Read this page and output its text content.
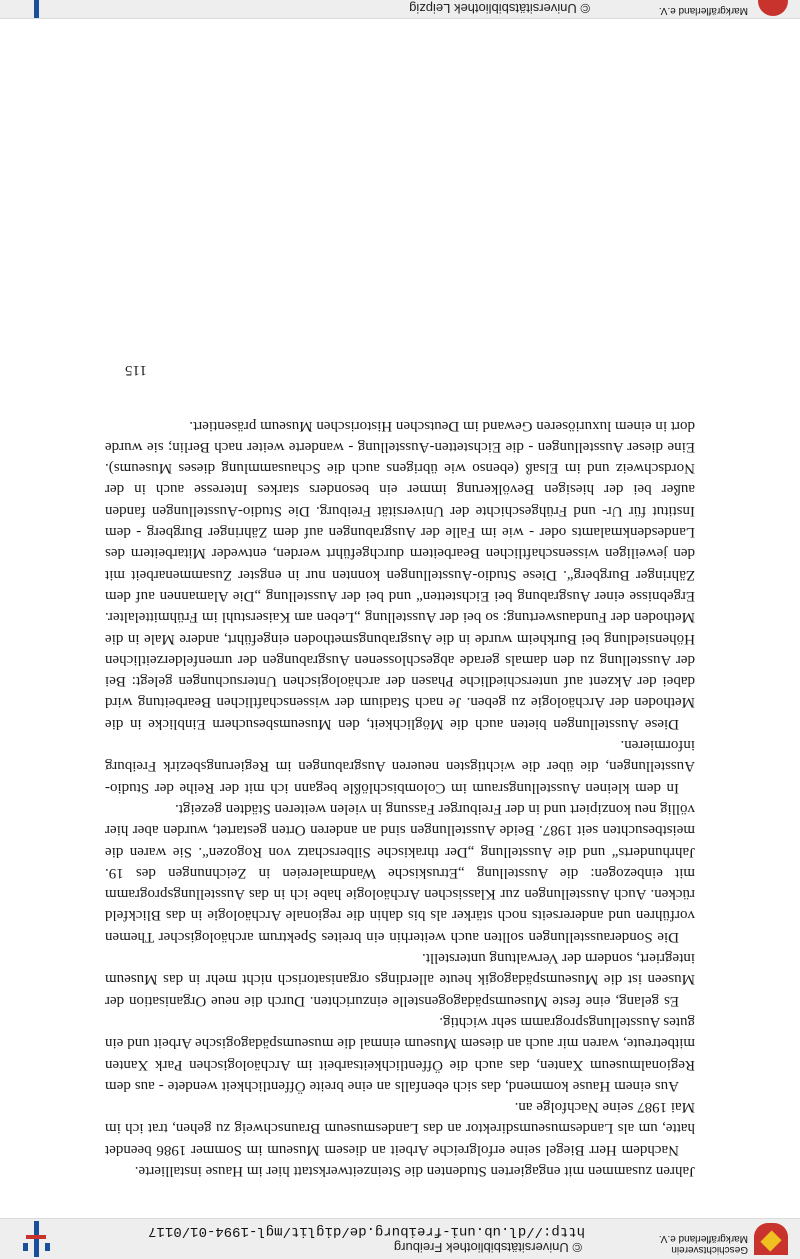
Geschichtsverein Markgräflerland e.V.
© Universitätsbibliothek Freiburg
http://dl.ub.uni-freiburg.de/diglit/mgl-1994-01/0117

Jahren zusammen mit engagierten Studenten die Steinzeitwerkstatt hier im Hause installierte.

Nachdem Herr Biegel seine erfolgreiche Arbeit an diesem Museum im Sommer 1986 beendet hatte, um als Landesmuseumsdirektor an das Landesmuseum Braunschweig zu gehen, trat ich im Mai 1987 seine Nachfolge an.

Aus einem Hause kommend, das sich ebenfalls an eine breite Öffentlichkeit wendete - aus dem Regionalmuseum Xanten, das auch die Öffentlichkeitsarbeit im Archäologischen Park Xanten mitbetreute, waren mir auch an diesem Museum einmal die museumspädagogische Arbeit und ein gutes Ausstellungsprogramm sehr wichtig.

Es gelang, eine feste Museumspädagogenstelle einzurichten. Durch die neue Organisation der Museen ist die Museumspädagogik heute allerdings organisatorisch nicht mehr in das Museum integriert, sondern der Verwaltung unterstellt.

Die Sonderausstellungen sollten auch weiterhin ein breites Spektrum archäologischer Themen vorführen und andererseits noch stärker als bis dahin die regionale Archäologie in das Blickfeld rücken. Auch Ausstellungen zur Klassischen Archäologie habe ich in das Ausstellungsprogramm mit einbezogen: die Ausstellung „Etruskische Wandmalereien in Zeichnungen des 19. Jahrhunderts“ und die Ausstellung „Der thrakische Silberschatz von Rogozen“. Sie waren die meistbesuchten seit 1987. Beide Ausstellungen sind an anderen Orten gestartet, wurden aber hier völlig neu konzipiert und in der Freiburger Fassung in vielen weiteren Städten gezeigt.

In dem kleinen Ausstellungsraum im Colombischlößle begann ich mit der Reihe der Studio-Ausstellungen, die über die wichtigsten neueren Ausgrabungen im Regierungsbezirk Freiburg informieren.

Diese Ausstellungen bieten auch die Möglichkeit, den Museumsbesuchern Einblicke in die Methoden der Archäologie zu geben. Je nach Stadium der wissenschaftlichen Bearbeitung wird dabei der Akzent auf unterschiedliche Phasen der archäologischen Untersuchungen gelegt: Bei der Ausstellung zu den damals gerade abgeschlossenen Ausgrabungen der urnenfelderzeitlichen Höhensiedlung bei Burkheim wurde in die Ausgrabungsmethoden eingeführt, andere Male in die Methoden der Fundauswertung: so bei der Ausstellung „Leben am Kaiserstuhl im Frühmittelalter. Ergebnisse einer Ausgrabung bei Eichstetten“ und bei der Ausstellung „Die Alamannen auf dem Zähringer Burgberg“. Diese Studio-Ausstellungen konnten nur in engster Zusammenarbeit mit den jeweiligen wissenschaftlichen Bearbeitern durchgeführt werden, entweder Mitarbeitern des Landesdenkmalamts oder - wie im Falle der Ausgrabungen auf dem Zähringer Burgberg - dem Institut für Ur- und Frühgeschichte der Universität Freiburg. Die Studio-Ausstellungen fanden außer bei der hiesigen Bevölkerung immer ein besonders starkes Interesse auch in der Nordschweiz und im Elsaß (ebenso wie übrigens auch die Schausammlung dieses Museums). Eine dieser Ausstellungen - die Eichstetten-Ausstellung - wanderte weiter nach Berlin; sie wurde dort in einem luxuriöseren Gewand im Deutschen Historischen Museum präsentiert.

115
Markgräflerland e.V.
© Universitätsbibliothek Leipzig
